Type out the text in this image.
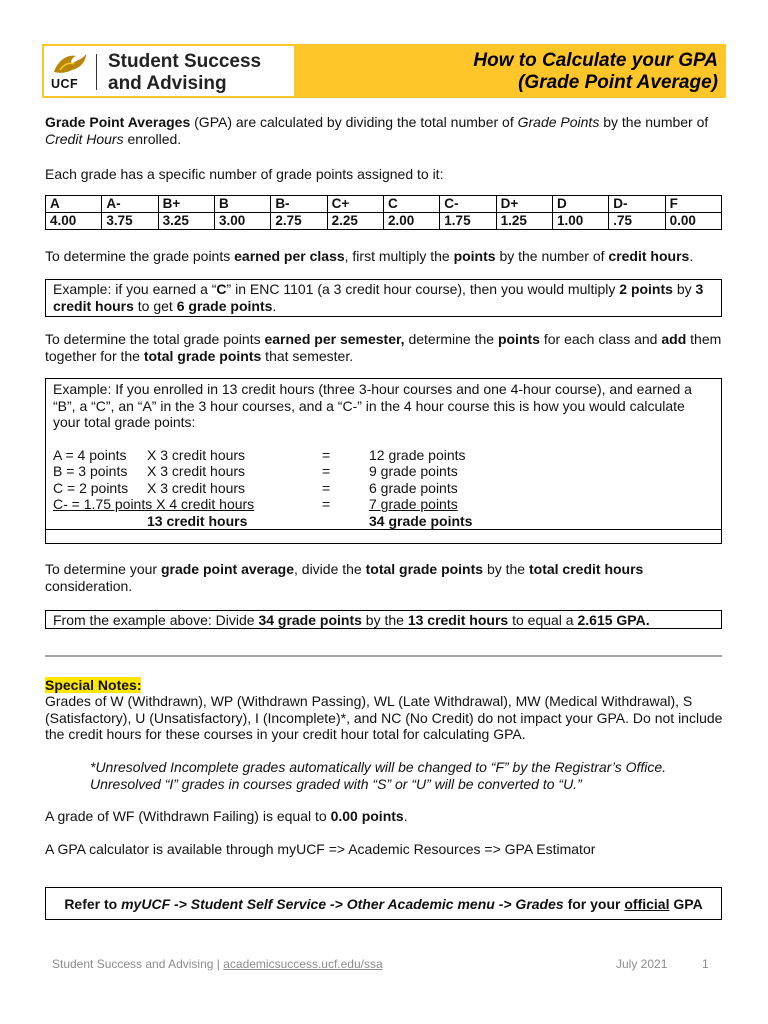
UCF
Student Success
and Advising
How to Calculate your GPA
(Grade Point Average)

Grade Point Averages (GPA) are calculated by dividing the total number of Grade Points by the number of
Credit Hours enrolled.

Each grade has a specific number of grade points assigned to it:

A	A-	B+	B	B-	C+	C	C-	D+	D	D-	F
4.00	3.75	3.25	3.00	2.75	2.25	2.00	1.75	1.25	1.00	.75	0.00

To determine the grade points earned per class, first multiply the points by the number of credit hours.

Example: if you earned a “C” in ENC 1101 (a 3 credit hour course), then you would multiply 2 points by 3 credit hours to get 6 grade points.

To determine the total grade points earned per semester, determine the points for each class and add them together for the total grade points that semester.

Example: If you enrolled in 13 credit hours (three 3-hour courses and one 4-hour course), and earned a “B”, a “C”, an “A” in the 3 hour courses, and a “C-” in the 4 hour course this is how you would calculate your total grade points:
A = 4 points	X 3 credit hours	=	12 grade points
B = 3 points	X 3 credit hours	=	9 grade points
C = 2 points	X 3 credit hours	=	6 grade points
C- = 1.75 points X 4 credit hours	=	7 grade points
13 credit hours	34 grade points

To determine your grade point average, divide the total grade points by the total credit hours
consideration.

From the example above: Divide 34 grade points by the 13 credit hours to equal a 2.615 GPA.

Special Notes:

Grades of W (Withdrawn), WP (Withdrawn Passing), WL (Late Withdrawal), MW (Medical Withdrawal), S (Satisfactory), U (Unsatisfactory), I (Incomplete)*, and NC (No Credit) do not impact your GPA. Do not include the credit hours for these courses in your credit hour total for calculating GPA.

*Unresolved Incomplete grades automatically will be changed to “F” by the Registrar’s Office.
Unresolved “I” grades in courses graded with “S” or “U” will be converted to “U.”

A grade of WF (Withdrawn Failing) is equal to 0.00 points.

A GPA calculator is available through myUCF => Academic Resources => GPA Estimator

Refer to myUCF -> Student Self Service -> Other Academic menu -> Grades for your official GPA
Student Success and Advising | academicsuccess.ucf.edu/ssa	July 2021	1
